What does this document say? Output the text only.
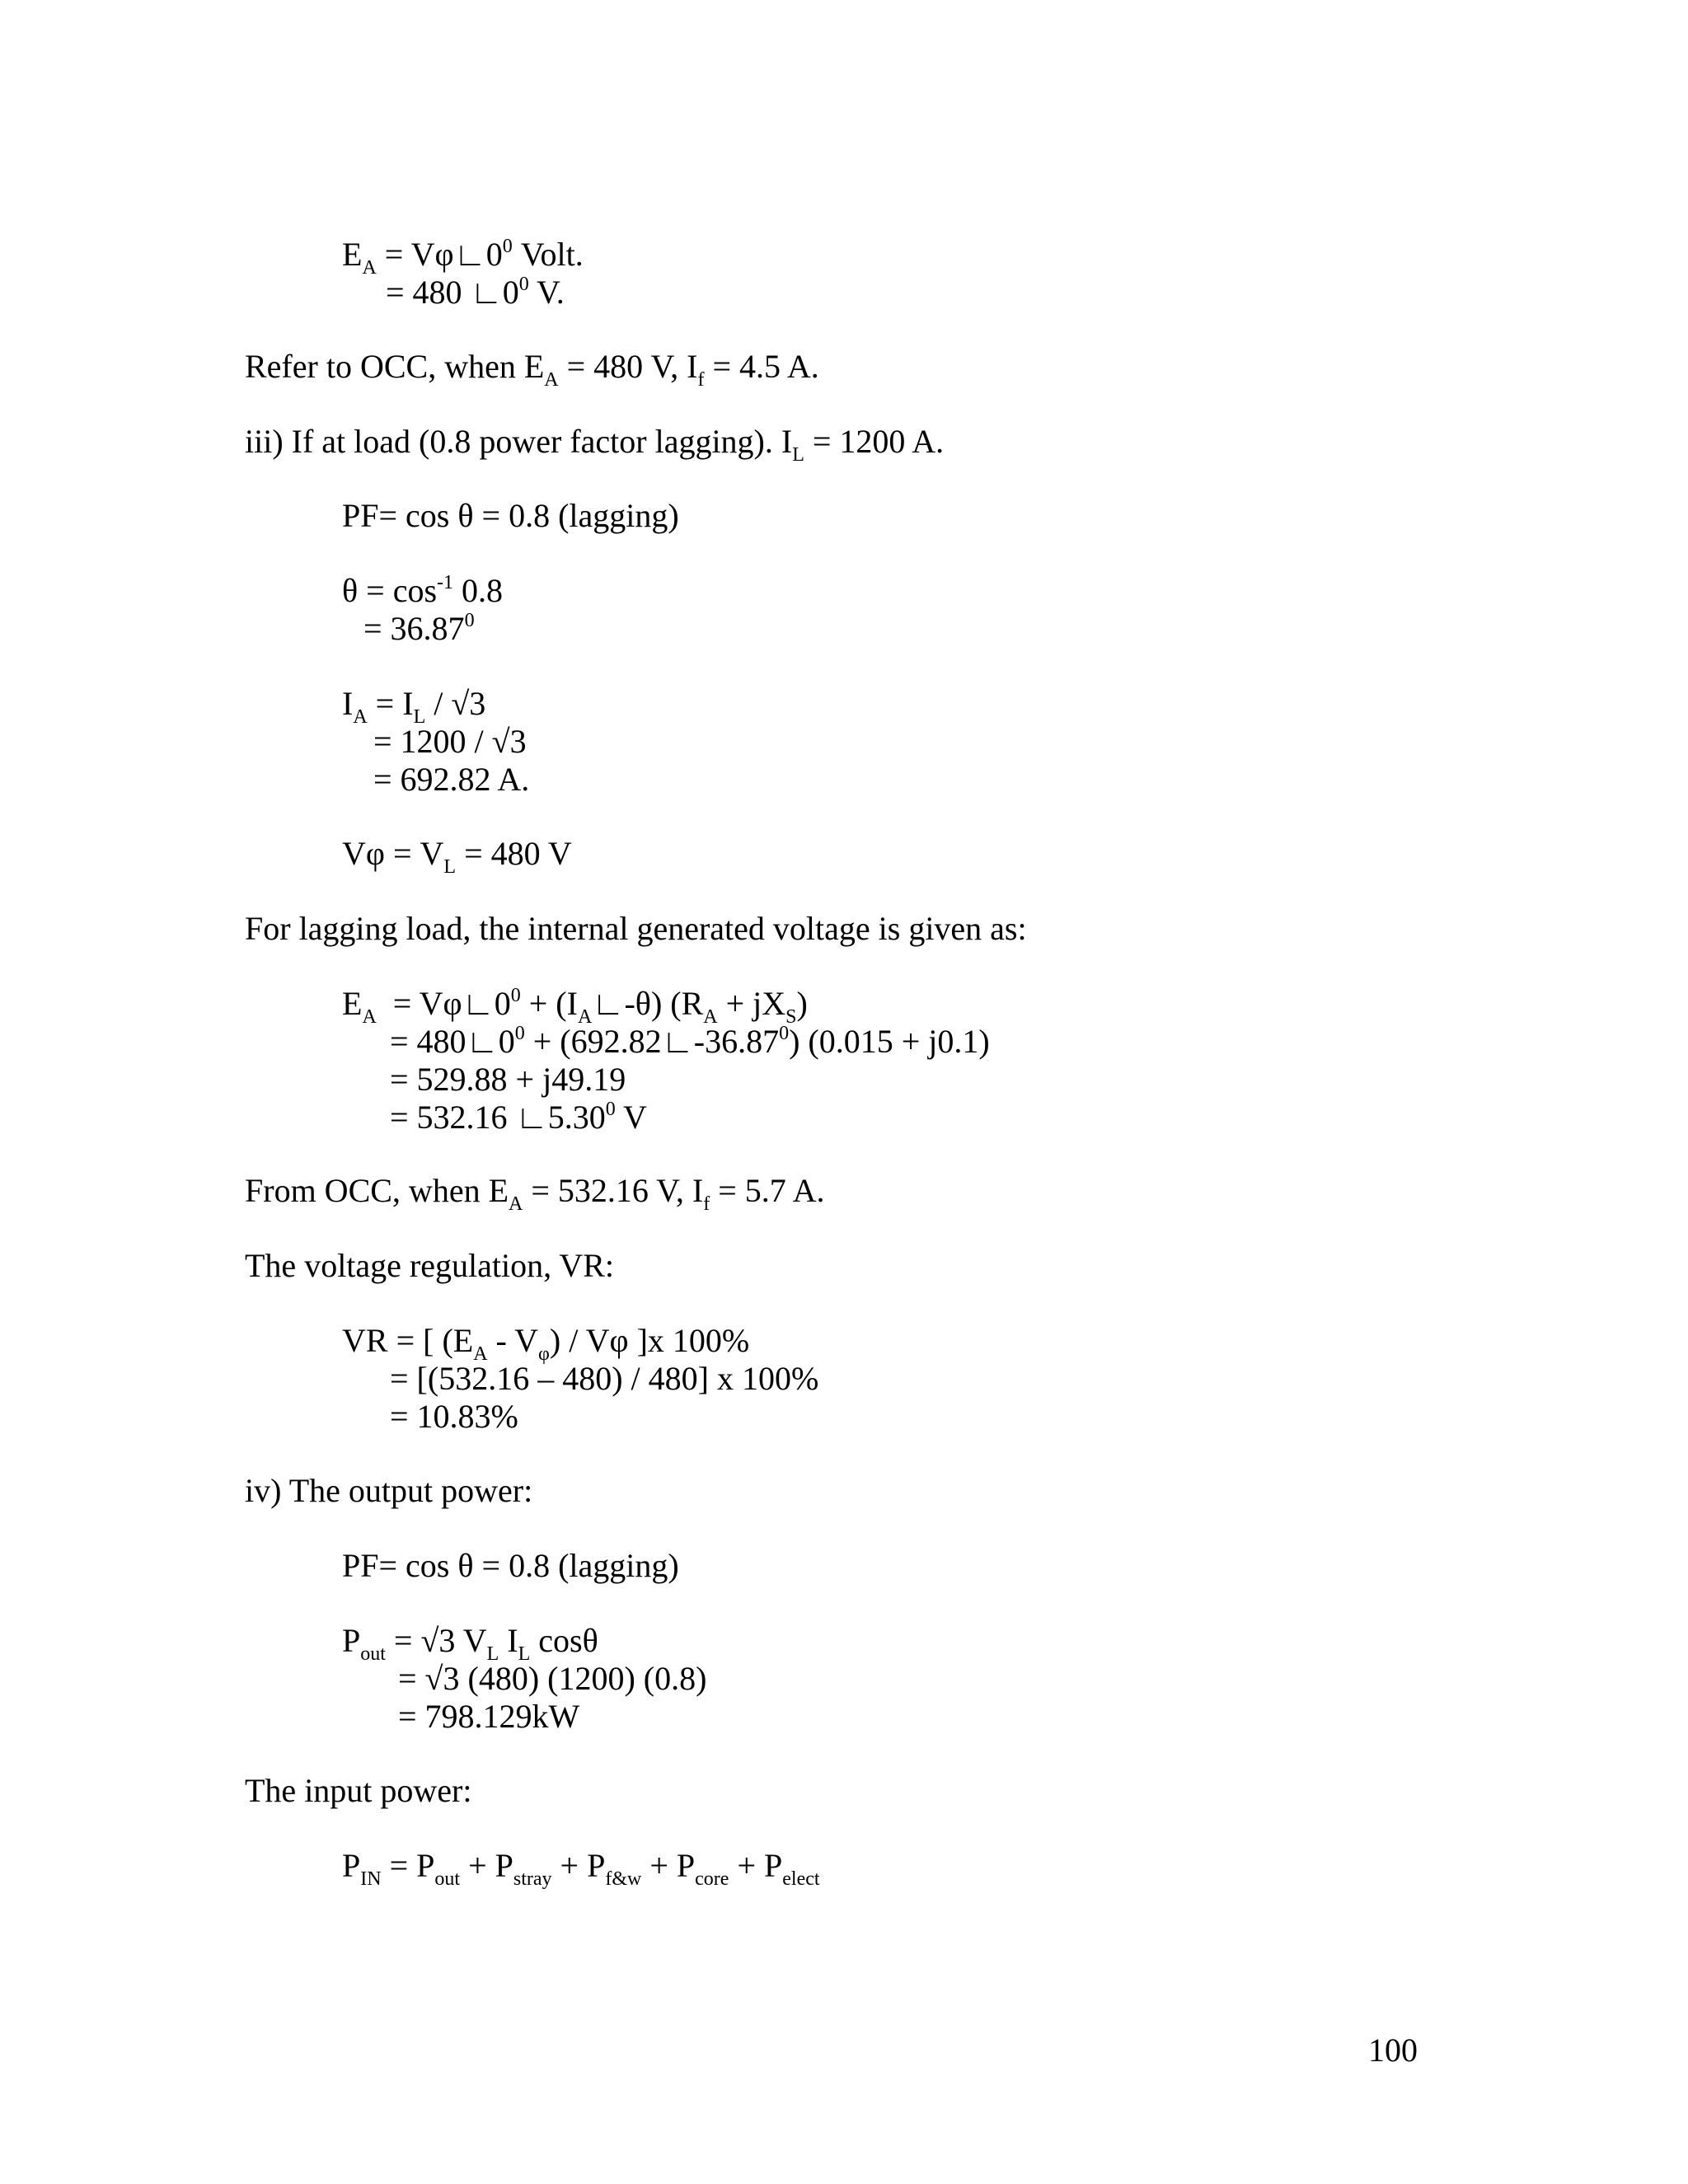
$E_A$ = $V\varphi∟0^0$ Volt.
= 480 $∟0^0$ V.
Refer to OCC, when $E_A = 480$ V, $I_f = 4.5$ A.
iii) If at load (0.8 power factor lagging). $I_L = 1200$ A.
PF= cos θ = 0.8 (lagging)
$\theta = \cos^{-1} 0.8$
= $36.87^0$
$I_A = I_L / √3$
= 1200 / √3
= 692.82 A.
$V\varphi = V_L = 480$ V
For lagging load, the internal generated voltage is given as:
$E_A$  = $V\varphi∟0^0$ + $(I_A∟-\theta) (R_A + jX_S)$
= $480∟0^0$ + $(692.82∟-36.87^0) (0.015 + j0.1)$
= 529.88 + j49.19
= 532.16 ∟5.30$^0$ V
From OCC, when $E_A = 532.16$ V, $I_f = 5.7$ A.
The voltage regulation, VR:
VR = [ $(E_A - V_\varphi)$ / Vφ ]x 100%
= [(532.16 – 480) / 480] x 100%
= 10.83%
iv) The output power:
PF= cos θ = 0.8 (lagging)
$P_{out} = √3$ $V_L$ $I_L$ cosθ
= √3 (480) (1200) (0.8)
= 798.129kW
The input power:
$P_{IN} = P_{out} + P_{stray} + P_{f\&w} + P_{core} + P_{elect}$
100
